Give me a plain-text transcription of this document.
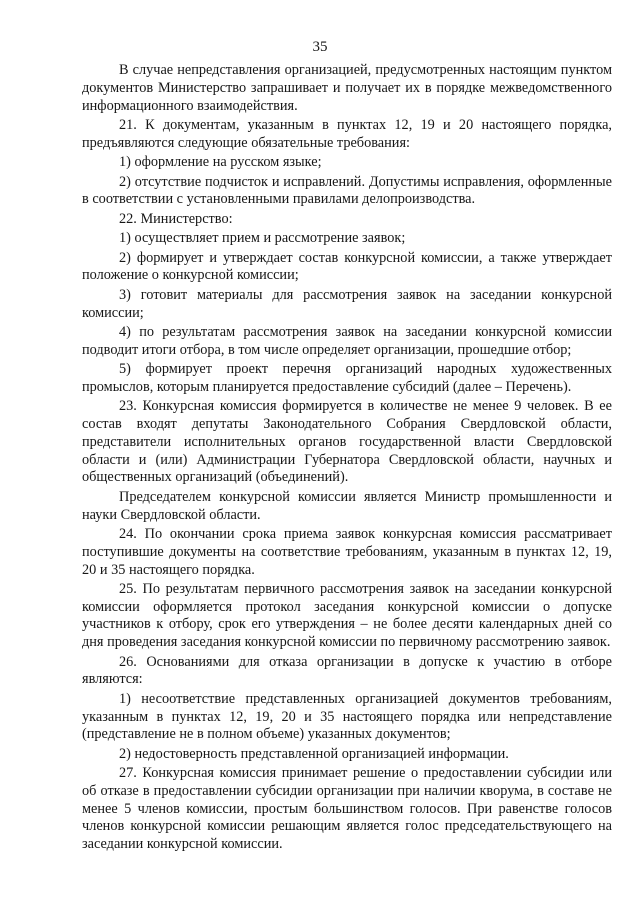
35

В случае непредставления организацией, предусмотренных настоящим пунктом документов Министерство запрашивает и получает их в порядке межведомственного информационного взаимодействия.

21. К документам, указанным в пунктах 12, 19 и 20 настоящего порядка, предъявляются следующие обязательные требования:

1) оформление на русском языке;

2) отсутствие подчисток и исправлений. Допустимы исправления, оформленные в соответствии с установленными правилами делопроизводства.

22. Министерство:

1) осуществляет прием и рассмотрение заявок;

2) формирует и утверждает состав конкурсной комиссии, а также утверждает положение о конкурсной комиссии;

3) готовит материалы для рассмотрения заявок на заседании конкурсной комиссии;

4) по результатам рассмотрения заявок на заседании конкурсной комиссии подводит итоги отбора, в том числе определяет организации, прошедшие отбор;

5) формирует проект перечня организаций народных художественных промыслов, которым планируется предоставление субсидий (далее – Перечень).

23. Конкурсная комиссия формируется в количестве не менее 9 человек. В ее состав входят депутаты Законодательного Собрания Свердловской области, представители исполнительных органов государственной власти Свердловской области и (или) Администрации Губернатора Свердловской области, научных и общественных организаций (объединений).

Председателем конкурсной комиссии является Министр промышленности и науки Свердловской области.

24. По окончании срока приема заявок конкурсная комиссия рассматривает поступившие документы на соответствие требованиям, указанным в пунктах 12, 19, 20 и 35 настоящего порядка.

25. По результатам первичного рассмотрения заявок на заседании конкурсной комиссии оформляется протокол заседания конкурсной комиссии о допуске участников к отбору, срок его утверждения – не более десяти календарных дней со дня проведения заседания конкурсной комиссии по первичному рассмотрению заявок.

26. Основаниями для отказа организации в допуске к участию в отборе являются:

1) несоответствие представленных организацией документов требованиям, указанным в пунктах 12, 19, 20 и 35 настоящего порядка или непредставление (представление не в полном объеме) указанных документов;

2) недостоверность представленной организацией информации.

27. Конкурсная комиссия принимает решение о предоставлении субсидии или об отказе в предоставлении субсидии организации при наличии кворума, в составе не менее 5 членов комиссии, простым большинством голосов. При равенстве голосов членов конкурсной комиссии решающим является голос председательствующего на заседании конкурсной комиссии.
